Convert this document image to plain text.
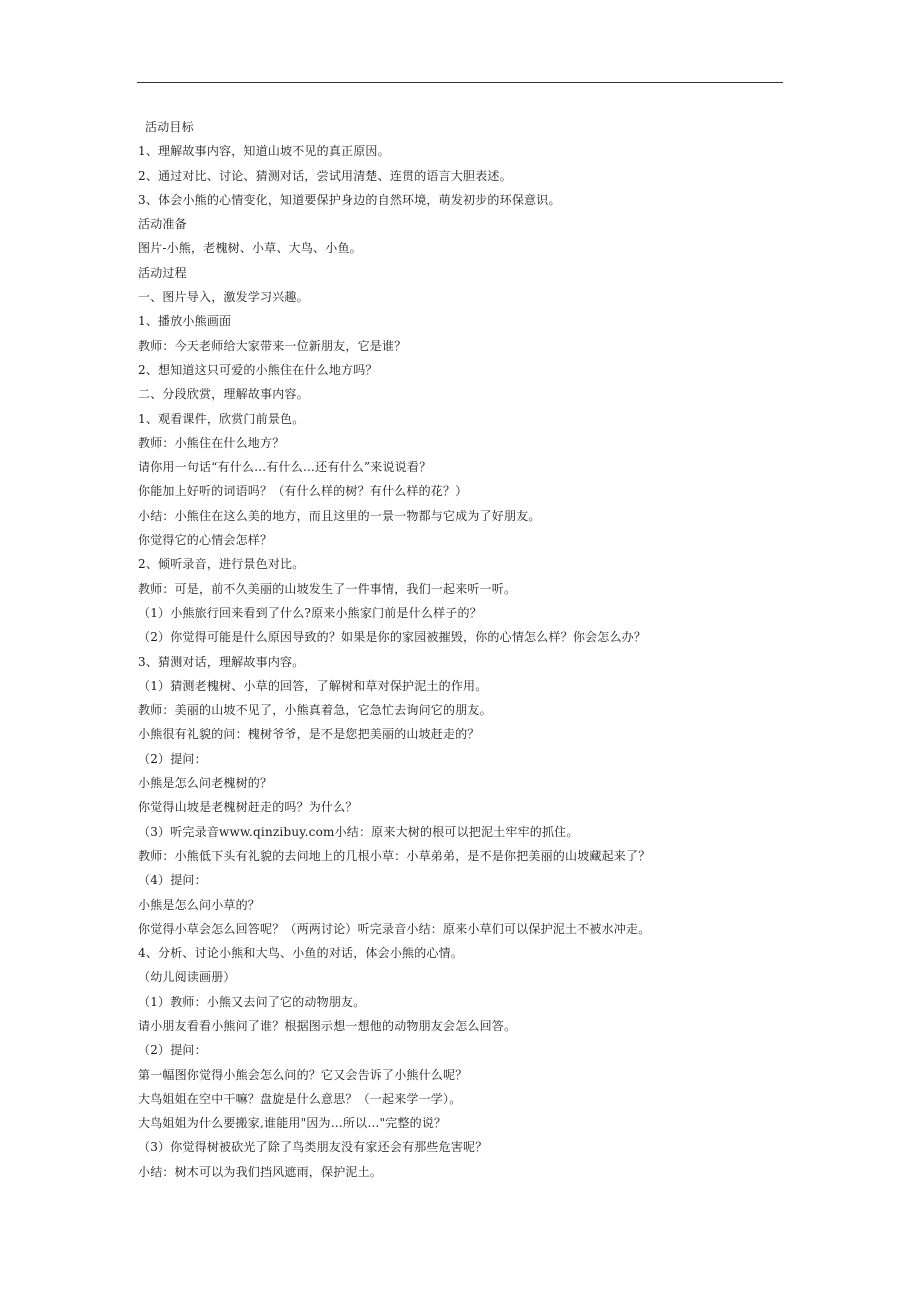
活动目标
1、理解故事内容，知道山坡不见的真正原因。
2、通过对比、讨论、猜测对话，尝试用清楚、连贯的语言大胆表述。
3、体会小熊的心情变化，知道要保护身边的自然环境，萌发初步的环保意识。
活动准备
图片-小熊，老槐树、小草、大鸟、小鱼。
活动过程
一、图片导入，激发学习兴趣。
1、播放小熊画面
教师：今天老师给大家带来一位新朋友，它是谁？
2、想知道这只可爱的小熊住在什么地方吗？
二、分段欣赏，理解故事内容。
1、观看课件，欣赏门前景色。
教师：小熊住在什么地方？
请你用一句话“有什么…有什么…还有什么”来说说看？
你能加上好听的词语吗？（有什么样的树？有什么样的花？）
小结：小熊住在这么美的地方，而且这里的一景一物都与它成为了好朋友。
你觉得它的心情会怎样？
2、倾听录音，进行景色对比。
教师：可是，前不久美丽的山坡发生了一件事情，我们一起来听一听。
（1）小熊旅行回来看到了什么?原来小熊家门前是什么样子的？
（2）你觉得可能是什么原因导致的？如果是你的家园被摧毁，你的心情怎么样？你会怎么办？
3、猜测对话，理解故事内容。
（1）猜测老槐树、小草的回答，了解树和草对保护泥土的作用。
教师：美丽的山坡不见了，小熊真着急，它急忙去询问它的朋友。
小熊很有礼貌的问：槐树爷爷，是不是您把美丽的山坡赶走的？
（2）提问：
小熊是怎么问老槐树的？
你觉得山坡是老槐树赶走的吗？为什么？
（3）听完录音www.qinzibuy.com小结：原来大树的根可以把泥土牢牢的抓住。
教师：小熊低下头有礼貌的去问地上的几根小草：小草弟弟，是不是你把美丽的山坡藏起来了？
（4）提问：
小熊是怎么问小草的？
你觉得小草会怎么回答呢？（两两讨论）听完录音小结：原来小草们可以保护泥土不被水冲走。
4、分析、讨论小熊和大鸟、小鱼的对话，体会小熊的心情。
（幼儿阅读画册）
（1）教师：小熊又去问了它的动物朋友。
请小朋友看看小熊问了谁？根据图示想一想他的动物朋友会怎么回答。
（2）提问：
第一幅图你觉得小熊会怎么问的？它又会告诉了小熊什么呢？
大鸟姐姐在空中干嘛？盘旋是什么意思？（一起来学一学）。
大鸟姐姐为什么要搬家,谁能用"因为…所以…"完整的说？
（3）你觉得树被砍光了除了鸟类朋友没有家还会有那些危害呢？
小结：树木可以为我们挡风遮雨，保护泥土。
